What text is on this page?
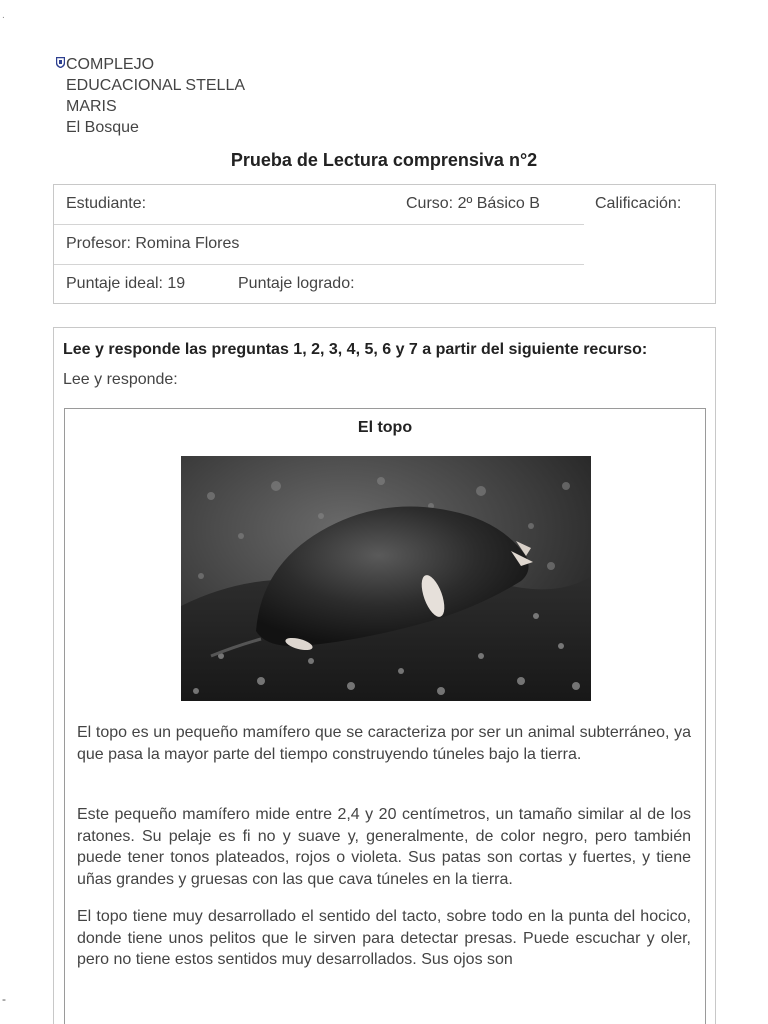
.
COMPLEJO
EDUCACIONAL STELLA
MARIS
El Bosque
Prueba de Lectura comprensiva n°2
Estudiante:	Curso: 2º Básico B	Calificación:
Profesor: Romina Flores
Puntaje ideal: 19	Puntaje logrado:
Lee y responde las preguntas 1, 2, 3, 4, 5, 6 y 7 a partir del siguiente recurso:
Lee y responde:
El topo

El topo es un pequeño mamífero que se caracteriza por ser un animal subterráneo, ya que pasa la mayor parte del tiempo construyendo túneles bajo la tierra.

Este pequeño mamífero mide entre 2,4 y 20 centímetros, un tamaño similar al de los ratones. Su pelaje es fi no y suave y, generalmente, de color negro, pero también puede tener tonos plateados, rojos o violeta. Sus patas son cortas y fuertes, y tiene uñas grandes y gruesas con las que cava túneles en la tierra.

El topo tiene muy desarrollado el sentido del tacto, sobre todo en la punta del hocico, donde tiene unos pelitos que le sirven para detectar presas. Puede escuchar y oler, pero no tiene estos sentidos muy desarrollados. Sus ojos son

-
